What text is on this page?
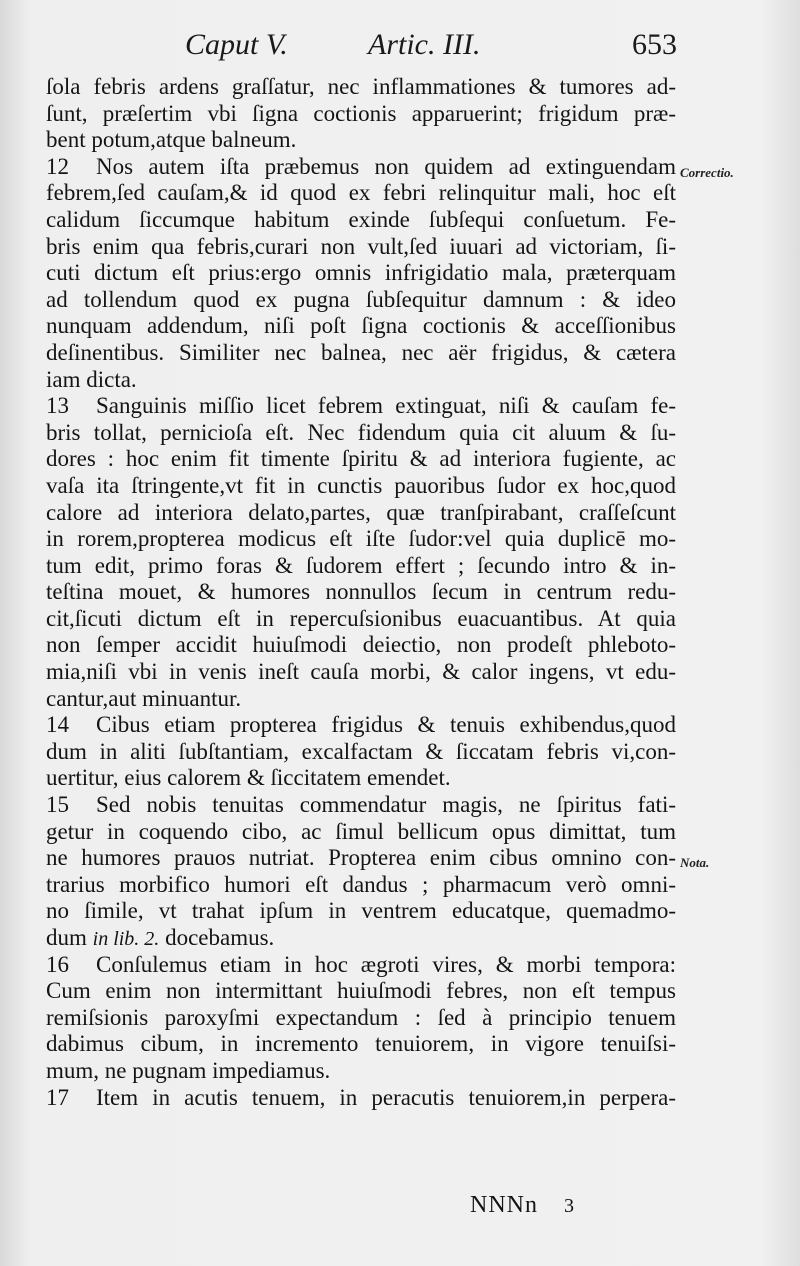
Caput V.	Artic. III.	653
ſola febris ardens graſſatur, nec inflammationes & tumores ad-
ſunt, præſertim vbi ſigna coctionis apparuerint; frigidum præ-
bent potum,atque balneum.
12 Nos autem iſta præbemus non quidem ad extinguendam
febrem,ſed cauſam,& id quod ex febri relinquitur mali, hoc eſt
calidum ſiccumque habitum exinde ſubſequi conſuetum. Fe-
bris enim qua febris,curari non vult,ſed iuuari ad victoriam, ſi-
cuti dictum eſt prius:ergo omnis infrigidatio mala, præterquam
ad tollendum quod ex pugna ſubſequitur damnum : & ideo
nunquam addendum, niſi poſt ſigna coctionis & acceſſionibus
deſinentibus. Similiter nec balnea, nec aër frigidus, & cætera
iam dicta.
13 Sanguinis miſſio licet febrem extinguat, niſi & cauſam fe-
bris tollat, pernicioſa eſt. Nec fidendum quia cit aluum & ſu-
dores : hoc enim fit timente ſpiritu & ad interiora fugiente, ac
vaſa ita ſtringente,vt fit in cunctis pauoribus ſudor ex hoc,quod
calore ad interiora delato,partes, quæ tranſpirabant, craſſeſcunt
in rorem,propterea modicus eſt iſte ſudor:vel quia duplicē mo-
tum edit, primo foras & ſudorem effert ; ſecundo intro & in-
teſtina mouet, & humores nonnullos ſecum in centrum redu-
cit,ſicuti dictum eſt in repercuſsionibus euacuantibus. At quia
non ſemper accidit huiuſmodi deiectio, non prodeſt phlebotο-
mia,niſi vbi in venis ineſt cauſa morbi, & calor ingens, vt edu-
cantur,aut minuantur.
14 Cibus etiam propterea frigidus & tenuis exhibendus,quod
dum in aliti ſubſtantiam, excalfactam & ſiccatam febris vi,con-
uertitur, eius calorem & ſiccitatem emendet.
15 Sed nobis tenuitas commendatur magis, ne ſpiritus fati-
getur in coquendo cibo, ac ſimul bellicum opus dimittat, tum
ne humores prauos nutriat. Propterea enim cibus omnino con-
trarius morbifico humori eſt dandus ; pharmacum verò omni-
no ſimile, vt trahat ipſum in ventrem educatque, quemadmo-
dum in lib. 2. docebamus.
16 Conſulemus etiam in hoc ægroti vires, & morbi tempora:
Cum enim non intermittant huiuſmodi febres, non eſt tempus
remiſsionis paroxyſmi expectandum : ſed à principio tenuem
dabimus cibum, in incremento tenuiorem, in vigore tenuiſsi-
mum, ne pugnam impediamus.
17 Item in acutis tenuem, in peracutis tenuiorem,in perpera-
Correctio.
Nota.
NNNn 3
